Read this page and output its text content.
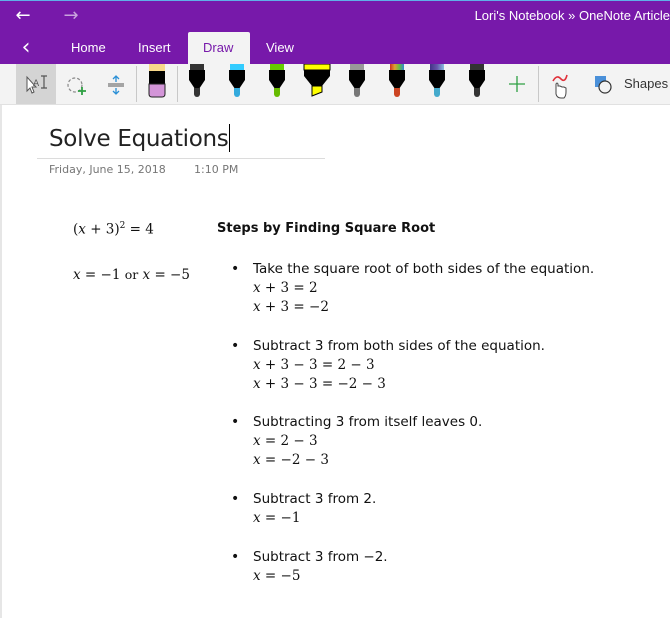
← →	Lori's Notebook » OneNote Article
‹	Home	Insert	Draw	View
A	Shapes
Solve Equations
Friday, June 15, 2018	1:10 PM
$(x + 3)^2 = 4$
x = −1 or x = −5
Steps by Finding Square Root
• Take the square root of both sides of the equation.
x + 3 = 2
x + 3 = −2
• Subtract 3 from both sides of the equation.
x + 3 − 3 = 2 − 3
x + 3 − 3 = −2 − 3
• Subtracting 3 from itself leaves 0.
x = 2 − 3
x = −2 − 3
• Subtract 3 from 2.
x = −1
• Subtract 3 from −2.
x = −5
